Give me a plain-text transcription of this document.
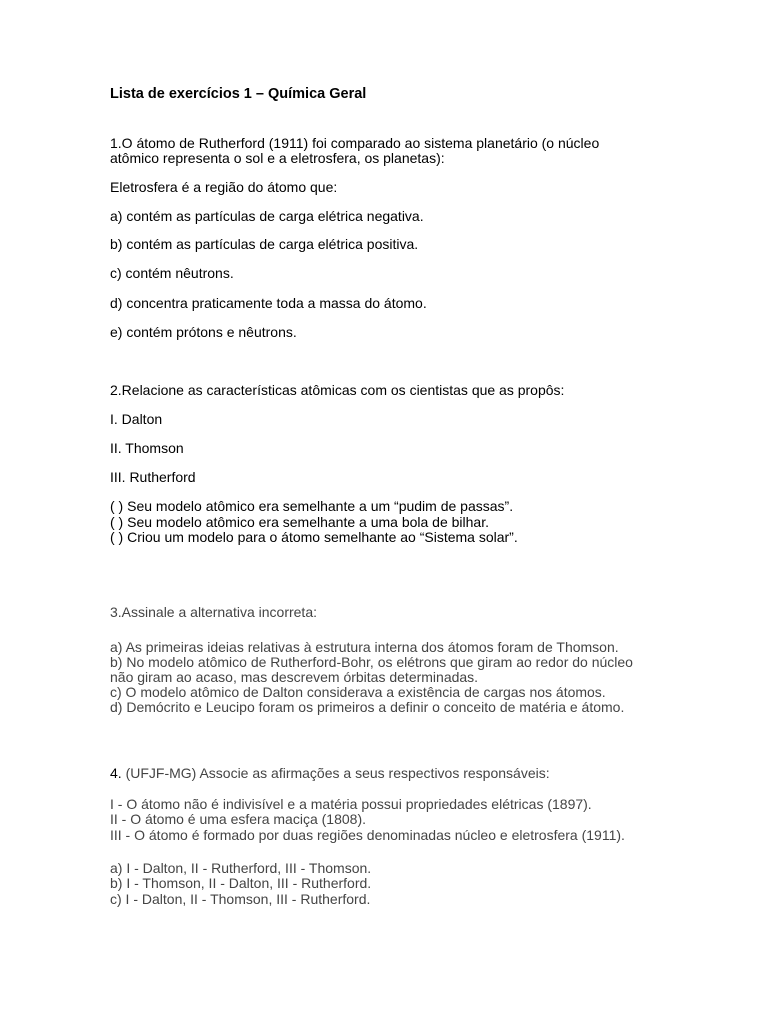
Lista de exercícios 1 – Química Geral

1.O átomo de Rutherford (1911) foi comparado ao sistema planetário (o núcleo

atômico representa o sol e a eletrosfera, os planetas):

Eletrosfera é a região do átomo que:

a) contém as partículas de carga elétrica negativa.

b) contém as partículas de carga elétrica positiva.

c) contém nêutrons.

d) concentra praticamente toda a massa do átomo.

e) contém prótons e nêutrons.

2.Relacione as características atômicas com os cientistas que as propôs:

I. Dalton

II. Thomson

III. Rutherford

( ) Seu modelo atômico era semelhante a um “pudim de passas”.

( ) Seu modelo atômico era semelhante a uma bola de bilhar.

( ) Criou um modelo para o átomo semelhante ao “Sistema solar”.

3.Assinale a alternativa incorreta:

a) As primeiras ideias relativas à estrutura interna dos átomos foram de Thomson.

b) No modelo atômico de Rutherford-Bohr, os elétrons que giram ao redor do núcleo

não giram ao acaso, mas descrevem órbitas determinadas.

c) O modelo atômico de Dalton considerava a existência de cargas nos átomos.

d) Demócrito e Leucipo foram os primeiros a definir o conceito de matéria e átomo.

4. (UFJF-MG) Associe as afirmações a seus respectivos responsáveis:

I - O átomo não é indivisível e a matéria possui propriedades elétricas (1897).

II - O átomo é uma esfera maciça (1808).

III - O átomo é formado por duas regiões denominadas núcleo e eletrosfera (1911).

a) I - Dalton, II - Rutherford, III - Thomson.

b) I - Thomson, II - Dalton, III - Rutherford.

c) I - Dalton, II - Thomson, III - Rutherford.
